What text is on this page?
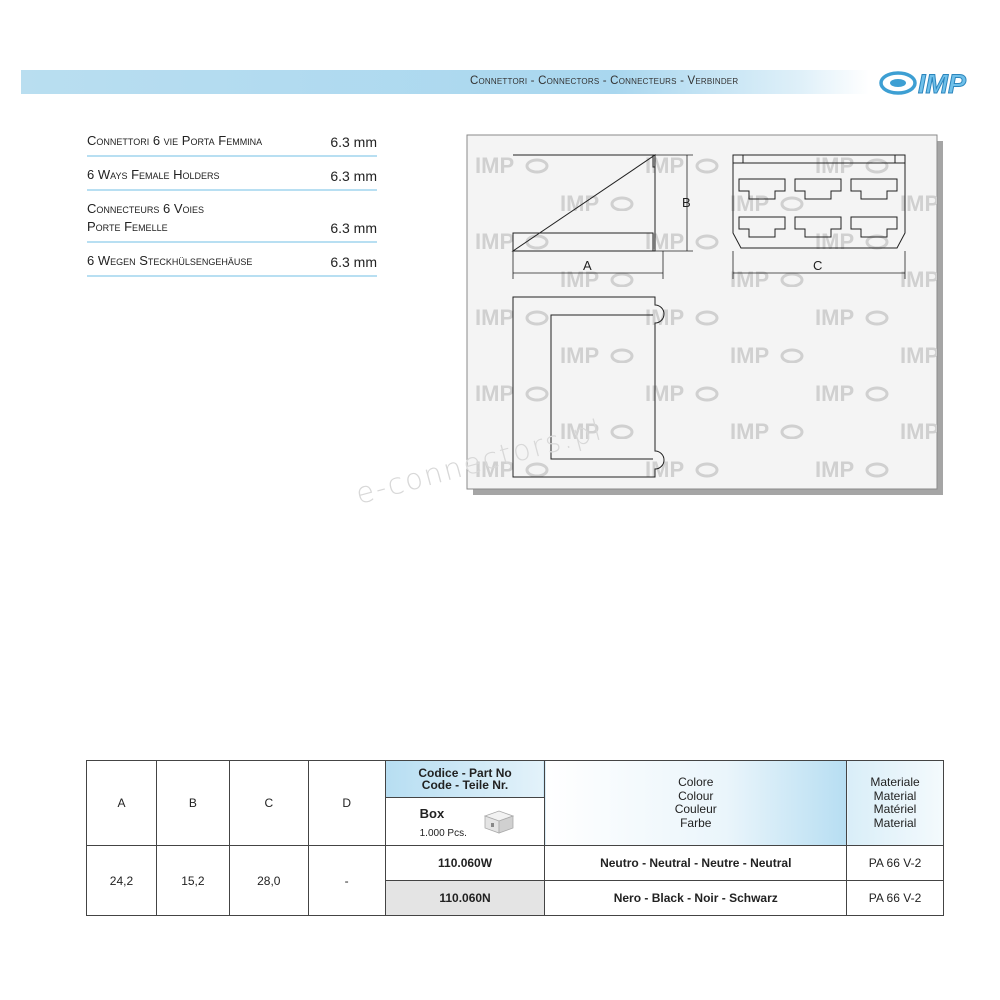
Connettori - Connectors - Connecteurs - Verbinder	IMP
Connettori 6 vie Porta Femmina	6.3 mm
6 Ways Female Holders	6.3 mm
Connecteurs 6 Voies
Porte Femelle	6.3 mm
6 Wegen Steckhülsengehäuse	6.3 mm	A
B
C
e-connectors.pl
A	B	C	D	Codice - Part No
Code - Teile Nr.	Colore
Colour
Couleur
Farbe	Materiale
Material
Matériel
Material

				Box
1.000 Pcs.		

24,2	15,2	28,0	-	110.060W	Neutro - Neutral - Neutre - Neutral	PA 66 V-2
				110.060N	Nero - Black - Noir - Schwarz	PA 66 V-2
